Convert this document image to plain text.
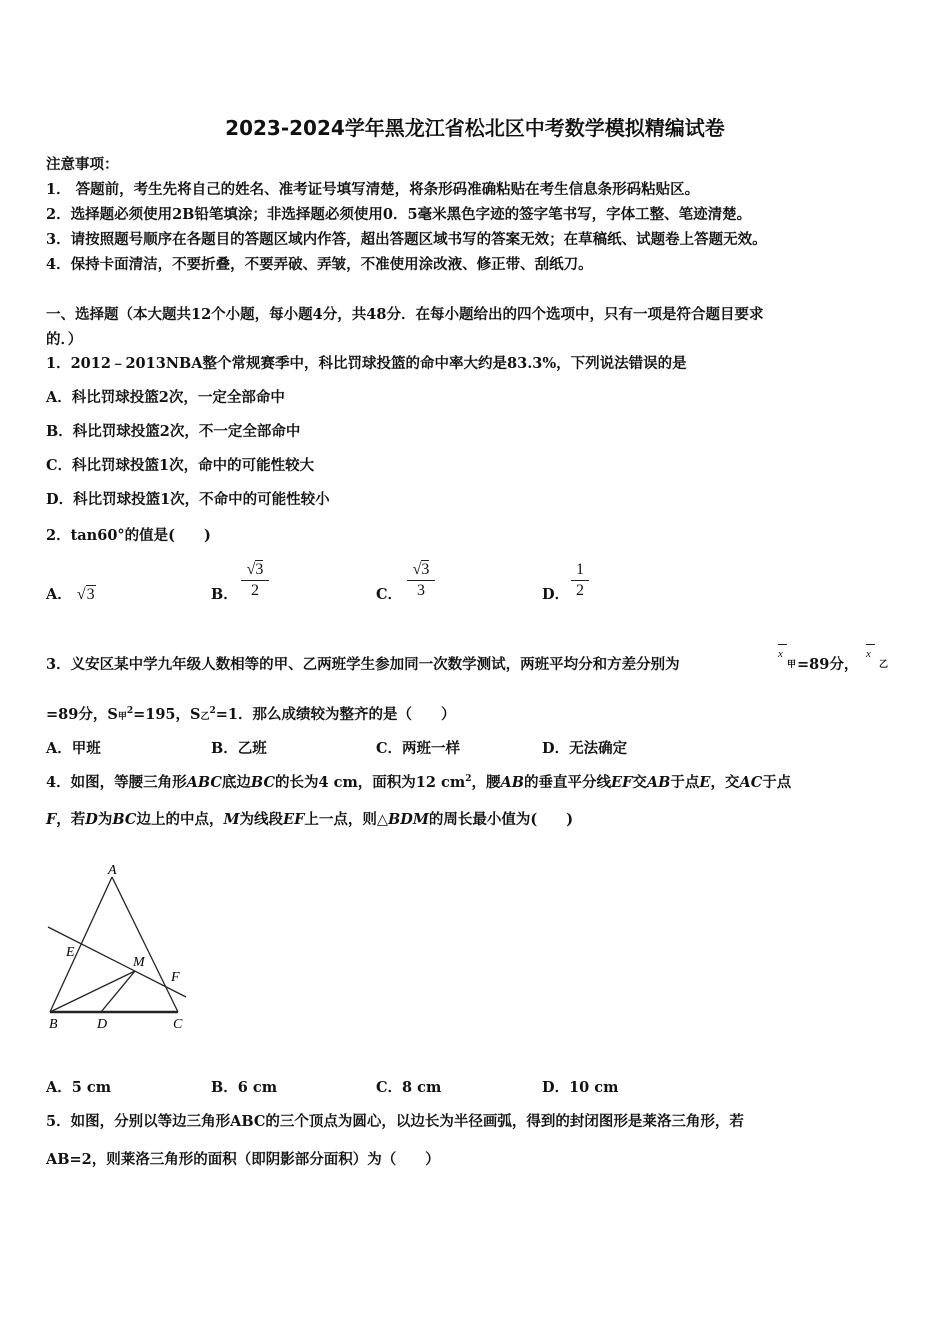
2023-2024学年黑龙江省松北区中考数学模拟精编试卷
注意事项：
1． 答题前，考生先将自己的姓名、准考证号填写清楚，将条形码准确粘贴在考生信息条形码粘贴区。
2．选择题必须使用2B铅笔填涂；非选择题必须使用0．5毫米黑色字迹的签字笔书写，字体工整、笔迹清楚。
3．请按照题号顺序在各题目的答题区域内作答，超出答题区域书写的答案无效；在草稿纸、试题卷上答题无效。
4．保持卡面清洁，不要折叠，不要弄破、弄皱，不准使用涂改液、修正带、刮纸刀。
一、选择题（本大题共12个小题，每小题4分，共48分．在每小题给出的四个选项中，只有一项是符合题目要求
的．）
1．2012﹣2013NBA整个常规赛季中，科比罚球投篮的命中率大约是83.3%，下列说法错误的是
A．科比罚球投篮2次，一定全部命中
B．科比罚球投篮2次，不一定全部命中
C．科比罚球投篮1次，命中的可能性较大
D．科比罚球投篮1次，不命中的可能性较小
2．tan60°的值是(　　)
A． √3	B． $\frac{√3}{2}$	C． $\frac{√3}{3}$	D． $\frac{1}{2}$
3．义安区某中学九年级人数相等的甲、乙两班学生参加同一次数学测试，两班平均分和方差分别为
x
甲 =89分，
x
乙
=89分，S甲$^2$=195，S乙$^2$=1．那么成绩较为整齐的是（　　）
A．甲班	B．乙班	C．两班一样	D．无法确定
4．如图，等腰三角形ABC底边BC的长为4 cm，面积为12 $cm^2$，腰AB的垂直平分线EF交AB于点E，交AC于点
F，若D为BC边上的中点，M为线段EF上一点，则△BDM的周长最小值为(　　)
A
E
M
F
B	D	C
A．5 cm	B．6 cm	C．8 cm	D．10 cm
5．如图，分别以等边三角形ABC的三个顶点为圆心，以边长为半径画弧，得到的封闭图形是莱洛三角形，若
AB=2，则莱洛三角形的面积（即阴影部分面积）为（　　）
